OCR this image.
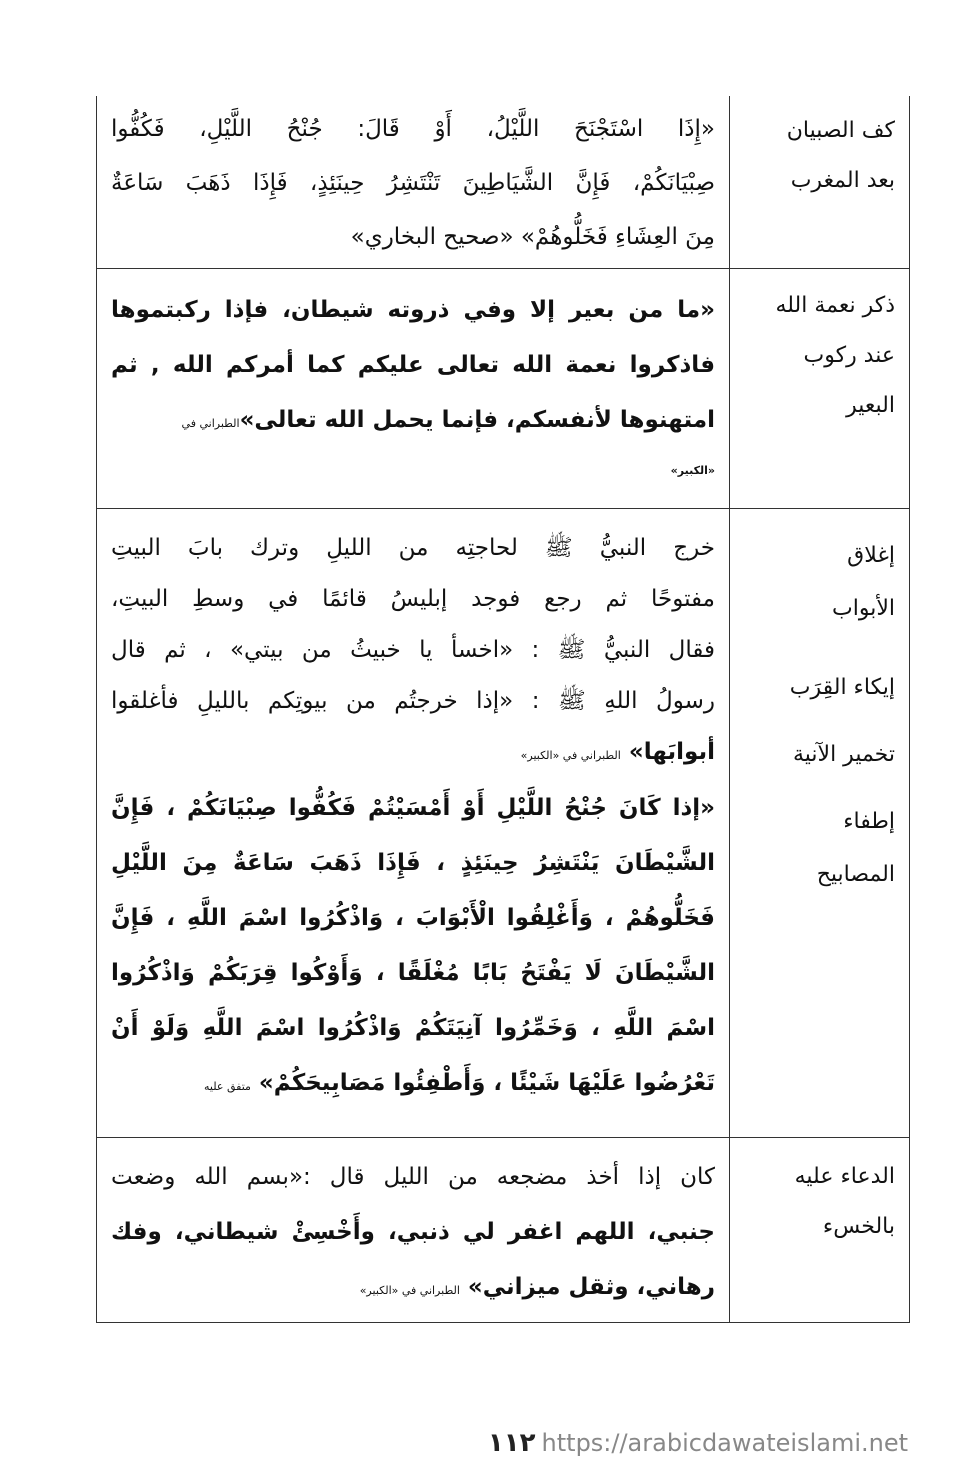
كف الصبيان
بعد المغرب
«إِذَا اسْتَجْنَحَ اللَّيْلُ، أَوْ قَالَ: جُنْحُ اللَّيْلِ، فَكُفُّوا
صِبْيَانَكُمْ، فَإِنَّ الشَّيَاطِينَ تَنْتَشِرُ حِينَئِذٍ، فَإِذَا ذَهَبَ سَاعَةٌ
مِنَ العِشَاءِ فَخَلُّوهُمْ» «صحيح البخاري»
ذكر نعمة الله
عند ركوب
البعير
«ما من بعير إلا وفي ذروته شيطان، فإذا ركبتموها
فاذكروا نعمة الله تعالى عليكم كما أمركم الله , ثم
امتهنوها لأنفسكم، فإنما يحمل الله تعالى»الطبراني في
«الكبير»
إغلاق
الأبواب
إيكاء القِرَب
تخمير الآنية
إطفاء
المصابيح
خرج النبيُّ ﷺ لحاجتِه من الليلِ وترك بابَ البيتِ
مفتوحًا ثم رجع فوجد إبليسُ قائمًا في وسطِ البيتِ،
فقال النبيُّ ﷺ : «اخسأ يا خبيثُ من بيتي» ، ثم قال
رسولُ اللهِ ﷺ : «إذا خرجتُم من بيوتِكم بالليلِ فأغلقوا
أبوابَها» الطبراني في «الكبير»
«إذا كَانَ جُنْحُ اللَّيْلِ أَوْ أَمْسَيْتُمْ فَكُفُّوا صِبْيَانَكُمْ ، فَإِنَّ
الشَّيْطَانَ يَنْتَشِرُ حِينَئِذٍ ، فَإِذَا ذَهَبَ سَاعَةٌ مِنَ اللَّيْلِ
فَخَلُّوهُمْ ، وَأَغْلِقُوا الْأَبْوَابَ ، وَاذْكُرُوا اسْمَ اللَّهِ ، فَإِنَّ
الشَّيْطَانَ لَا يَفْتَحُ بَابًا مُغْلَقًا ، وَأَوْكُوا قِرَبَكُمْ وَاذْكُرُوا
اسْمَ اللَّهِ ، وَخَمِّرُوا آنِيَتَكُمْ وَاذْكُرُوا اسْمَ اللَّهِ وَلَوْ أَنْ
تَعْرُضُوا عَلَيْهَا شَيْئًا ، وَأَطْفِئُوا مَصَابِيحَكُمْ» متفق عليه
الدعاء عليه
بالخسء
كان إذا أخذ مضجعه من الليل قال :«بسم الله وضعت
جنبي، اللهم اغفر لي ذنبي، وأَخْسِئْ شيطاني، وفك
رهاني، وثقل ميزاني» الطبراني في «الكبير»
١١٢ https://arabicdawateislami.net
